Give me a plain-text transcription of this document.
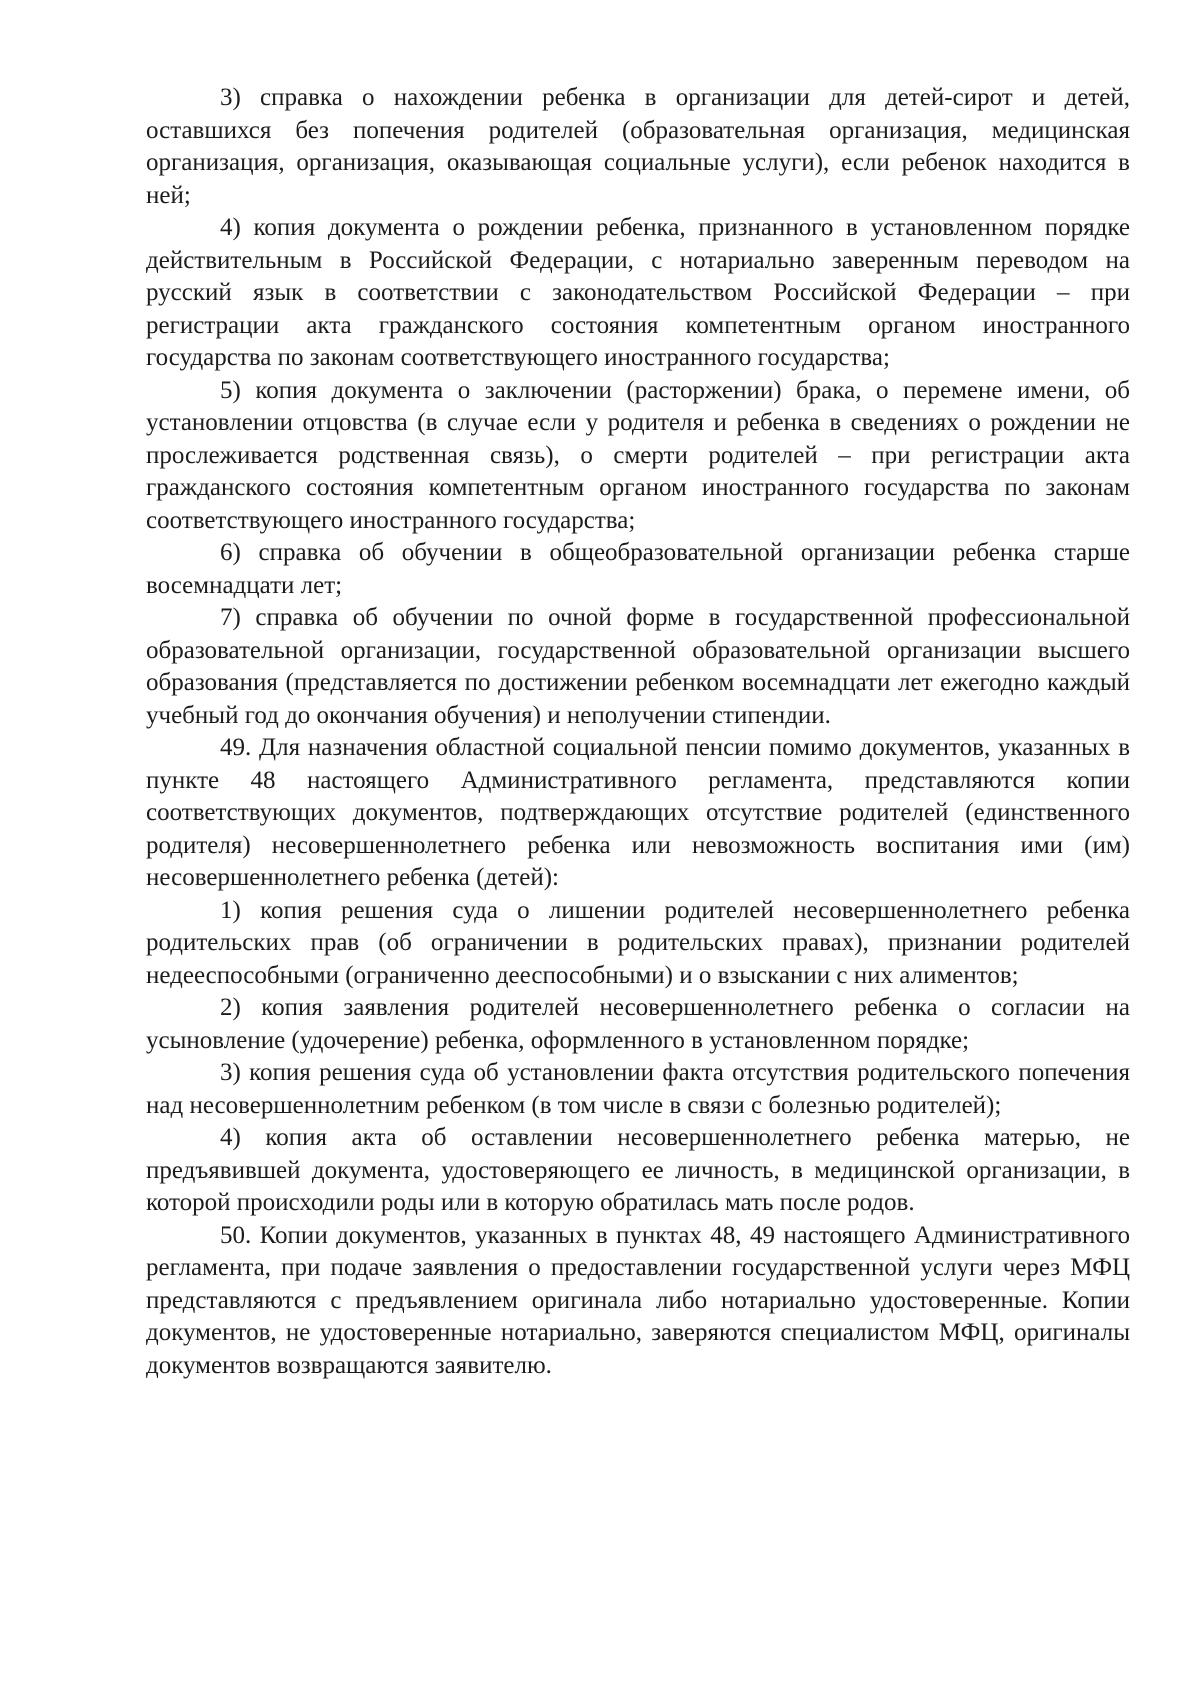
3) справка о нахождении ребенка в организации для детей-сирот и детей, оставшихся без попечения родителей (образовательная организация, медицинская организация, организация, оказывающая социальные услуги), если ребенок находится в ней;

4) копия документа о рождении ребенка, признанного в установленном порядке действительным в Российской Федерации, с нотариально заверенным переводом на русский язык в соответствии с законодательством Российской Федерации – при регистрации акта гражданского состояния компетентным органом иностранного государства по законам соответствующего иностранного государства;

5) копия документа о заключении (расторжении) брака, о перемене имени, об установлении отцовства (в случае если у родителя и ребенка в сведениях о рождении не прослеживается родственная связь), о смерти родителей – при регистрации акта гражданского состояния компетентным органом иностранного государства по законам соответствующего иностранного государства;

6) справка об обучении в общеобразовательной организации ребенка старше восемнадцати лет;

7) справка об обучении по очной форме в государственной профессиональной образовательной организации, государственной образовательной организации высшего образования (представляется по достижении ребенком восемнадцати лет ежегодно каждый учебный год до окончания обучения) и неполучении стипендии.

49. Для назначения областной социальной пенсии помимо документов, указанных в пункте 48 настоящего Административного регламента, представляются копии соответствующих документов, подтверждающих отсутствие родителей (единственного родителя) несовершеннолетнего ребенка или невозможность воспитания ими (им) несовершеннолетнего ребенка (детей):

1) копия решения суда о лишении родителей несовершеннолетнего ребенка родительских прав (об ограничении в родительских правах), признании родителей недееспособными (ограниченно дееспособными) и о взыскании с них алиментов;

2) копия заявления родителей несовершеннолетнего ребенка о согласии на усыновление (удочерение) ребенка, оформленного в установленном порядке;

3) копия решения суда об установлении факта отсутствия родительского попечения над несовершеннолетним ребенком (в том числе в связи с болезнью родителей);

4) копия акта об оставлении несовершеннолетнего ребенка матерью, не предъявившей документа, удостоверяющего ее личность, в медицинской организации, в которой происходили роды или в которую обратилась мать после родов.

50. Копии документов, указанных в пунктах 48, 49 настоящего Административного регламента, при подаче заявления о предоставлении государственной услуги через МФЦ представляются с предъявлением оригинала либо нотариально удостоверенные. Копии документов, не удостоверенные нотариально, заверяются специалистом МФЦ, оригиналы документов возвращаются заявителю.
